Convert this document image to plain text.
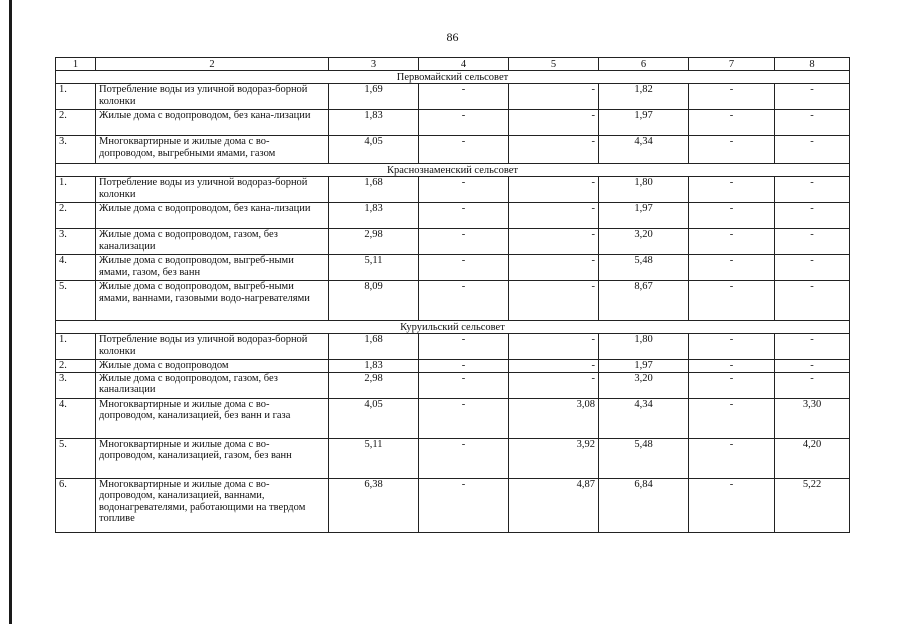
86
1	2	3	4	5	6	7	8
Первомайский сельсовет							
1.	Потребление воды из уличной водораз-борной колонки	1,69	-	-	1,82	-	-
2.	Жилые дома с водопроводом, без кана-лизации	1,83	-	-	1,97	-	-
3.	Многоквартирные и жилые дома с во-допроводом, выгребными ямами, газом	4,05	-	-	4,34	-	-
Краснознаменский сельсовет							
1.	Потребление воды из уличной водораз-борной колонки	1,68	-	-	1,80	-	-
2.	Жилые дома с водопроводом, без кана-лизации	1,83	-	-	1,97	-	-
3.	Жилые дома с водопроводом, газом, без канализации	2,98	-	-	3,20	-	-
4.	Жилые дома с водопроводом, выгреб-ными ямами, газом, без ванн	5,11	-	-	5,48	-	-
5.	Жилые дома с водопроводом, выгреб-ными ямами, ваннами, газовыми водо-нагревателями	8,09	-	-	8,67	-	-
Куруильский сельсовет							
1.	Потребление воды из уличной водораз-борной колонки	1,68	-	-	1,80	-	-
2.	Жилые дома с водопроводом	1,83	-	-	1,97	-	-
3.	Жилые дома с водопроводом, газом, без канализации	2,98	-	-	3,20	-	-
4.	Многоквартирные и жилые дома с во-допроводом, канализацией, без ванн и газа	4,05	-	3,08	4,34	-	3,30
5.	Многоквартирные и жилые дома с во-допроводом, канализацией, газом, без ванн	5,11	-	3,92	5,48	-	4,20
6.	Многоквартирные и жилые дома с во-допроводом, канализацией, ваннами, водонагревателями, работающими на твердом топливе	6,38	-	4,87	6,84	-	5,22
